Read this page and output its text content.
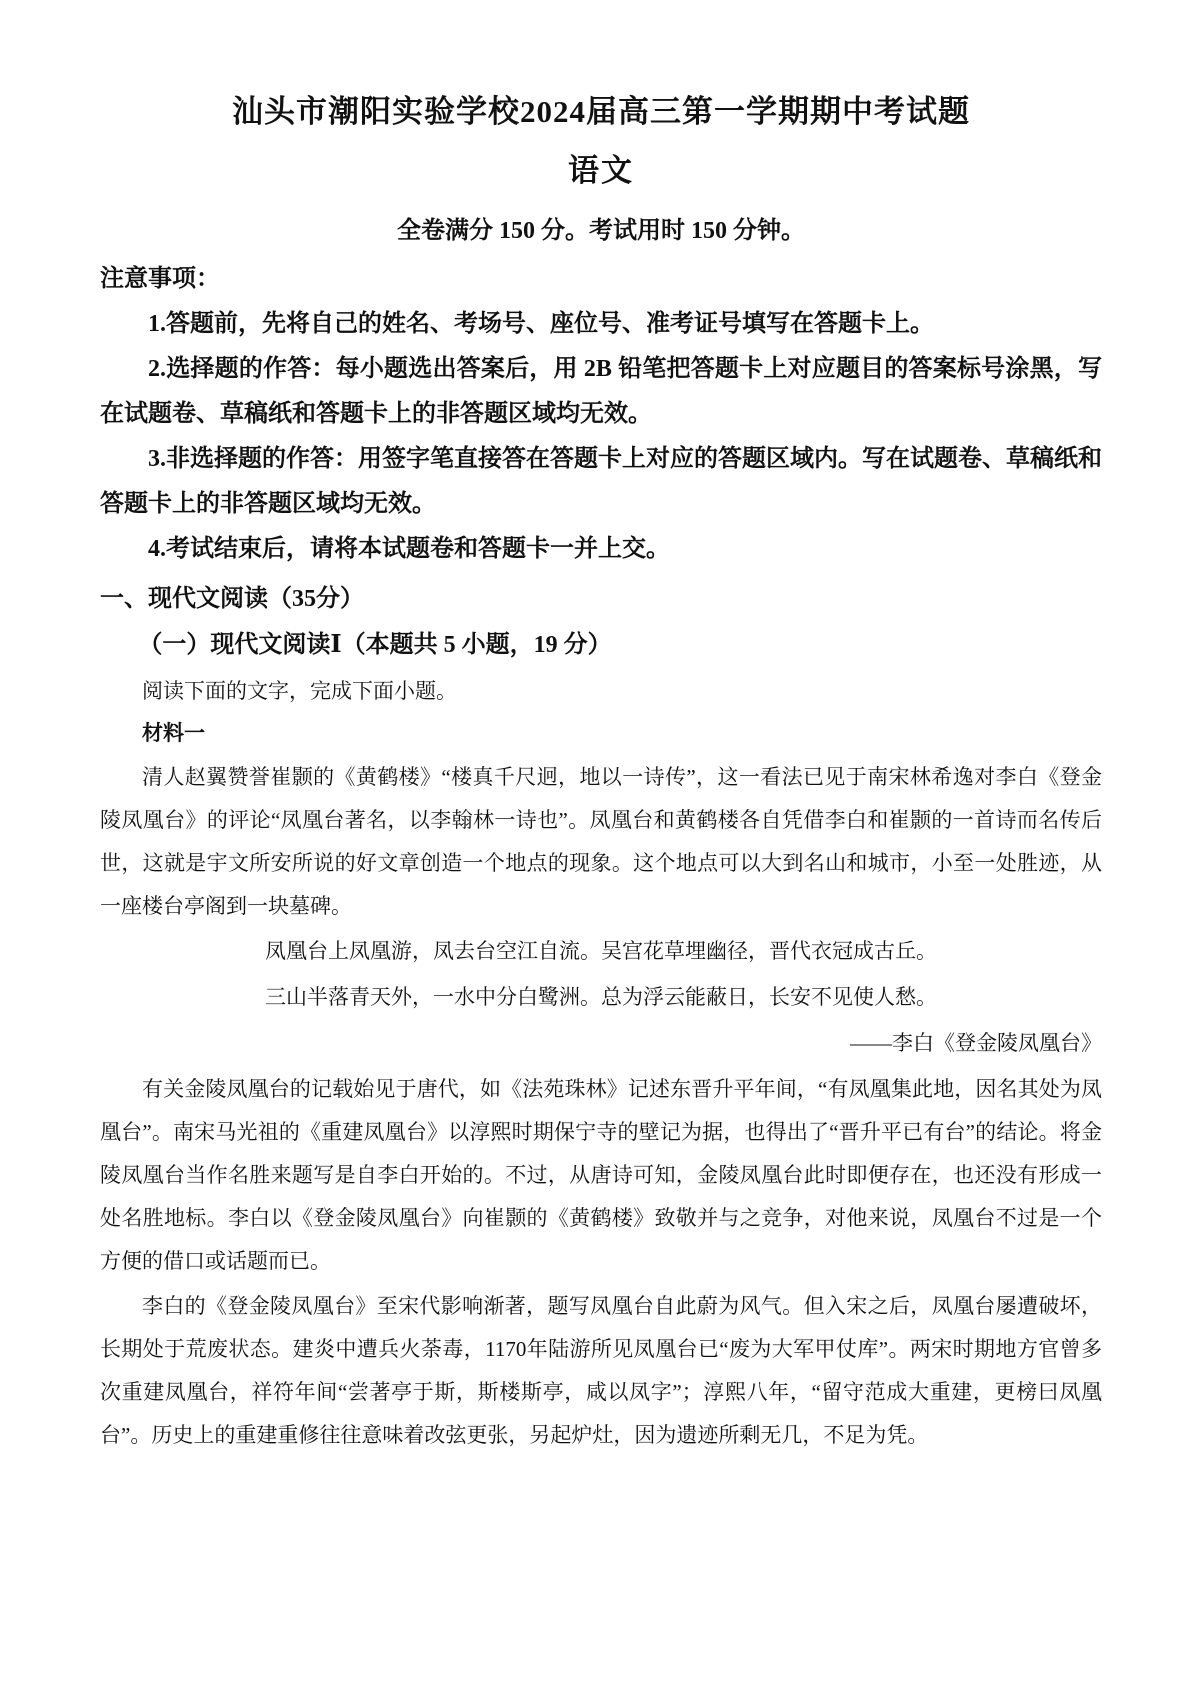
汕头市潮阳实验学校2024届高三第一学期期中考试题
语文

全卷满分 150 分。考试用时 150 分钟。

注意事项：

1.答题前，先将自己的姓名、考场号、座位号、准考证号填写在答题卡上。

2.选择题的作答：每小题选出答案后，用 2B 铅笔把答题卡上对应题目的答案标号涂黑，写在试题卷、草稿纸和答题卡上的非答题区域均无效。

3.非选择题的作答：用签字笔直接答在答题卡上对应的答题区域内。写在试题卷、草稿纸和答题卡上的非答题区域均无效。

4.考试结束后，请将本试题卷和答题卡一并上交。

一、现代文阅读（35分）

（一）现代文阅读Ⅰ（本题共 5 小题，19 分）

阅读下面的文字，完成下面小题。

材料一

清人赵翼赞誉崔颢的《黄鹤楼》“楼真千尺迥，地以一诗传”，这一看法已见于南宋林希逸对李白《登金陵凤凰台》的评论“凤凰台著名，以李翰林一诗也”。凤凰台和黄鹤楼各自凭借李白和崔颢的一首诗而名传后世，这就是宇文所安所说的好文章创造一个地点的现象。这个地点可以大到名山和城市，小至一处胜迹，从一座楼台亭阁到一块墓碑。

凤凰台上凤凰游，凤去台空江自流。吴宫花草埋幽径，晋代衣冠成古丘。

三山半落青天外，一水中分白鹭洲。总为浮云能蔽日，长安不见使人愁。

——李白《登金陵凤凰台》

有关金陵凤凰台的记载始见于唐代，如《法苑珠林》记述东晋升平年间，“有凤凰集此地，因名其处为凤凰台”。南宋马光祖的《重建凤凰台》以淳熙时期保宁寺的壁记为据，也得出了“晋升平已有台”的结论。将金陵凤凰台当作名胜来题写是自李白开始的。不过，从唐诗可知，金陵凤凰台此时即便存在，也还没有形成一处名胜地标。李白以《登金陵凤凰台》向崔颢的《黄鹤楼》致敬并与之竞争，对他来说，凤凰台不过是一个方便的借口或话题而已。

李白的《登金陵凤凰台》至宋代影响渐著，题写凤凰台自此蔚为风气。但入宋之后，凤凰台屡遭破坏，长期处于荒废状态。建炎中遭兵火荼毒，1170年陆游所见凤凰台已“废为大军甲仗库”。两宋时期地方官曾多次重建凤凰台，祥符年间“尝著亭于斯，斯楼斯亭，咸以凤字”；淳熙八年，“留守范成大重建，更榜曰凤凰台”。历史上的重建重修往往意味着改弦更张，另起炉灶，因为遗迹所剩无几，不足为凭。
